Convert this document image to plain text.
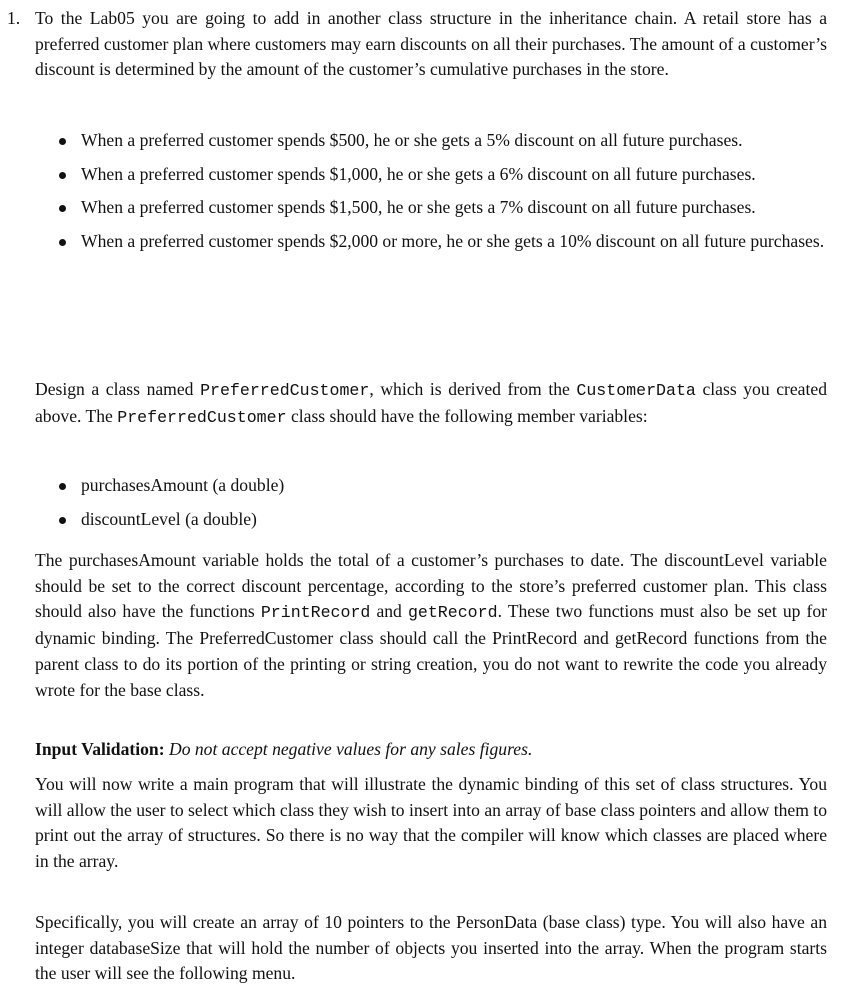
1. To the Lab05 you are going to add in another class structure in the inheritance chain. A retail store has a preferred customer plan where customers may earn discounts on all their purchases. The amount of a customer’s discount is determined by the amount of the customer’s cumulative purchases in the store.

When a preferred customer spends $500, he or she gets a 5% discount on all future purchases.
When a preferred customer spends $1,000, he or she gets a 6% discount on all future purchases.
When a preferred customer spends $1,500, he or she gets a 7% discount on all future purchases.
When a preferred customer spends $2,000 or more, he or she gets a 10% discount on all future purchases.

Design a class named PreferredCustomer, which is derived from the CustomerData class you created above. The PreferredCustomer class should have the following member variables:

purchasesAmount (a double)
discountLevel (a double)

The purchasesAmount variable holds the total of a customer’s purchases to date. The discountLevel variable should be set to the correct discount percentage, according to the store’s preferred customer plan. This class should also have the functions PrintRecord and getRecord. These two functions must also be set up for dynamic binding. The PreferredCustomer class should call the PrintRecord and getRecord functions from the parent class to do its portion of the printing or string creation, you do not want to rewrite the code you already wrote for the base class.

Input Validation: Do not accept negative values for any sales figures.

You will now write a main program that will illustrate the dynamic binding of this set of class structures. You will allow the user to select which class they wish to insert into an array of base class pointers and allow them to print out the array of structures. So there is no way that the compiler will know which classes are placed where in the array.

Specifically, you will create an array of 10 pointers to the PersonData (base class) type. You will also have an integer databaseSize that will hold the number of objects you inserted into the array. When the program starts the user will see the following menu.
